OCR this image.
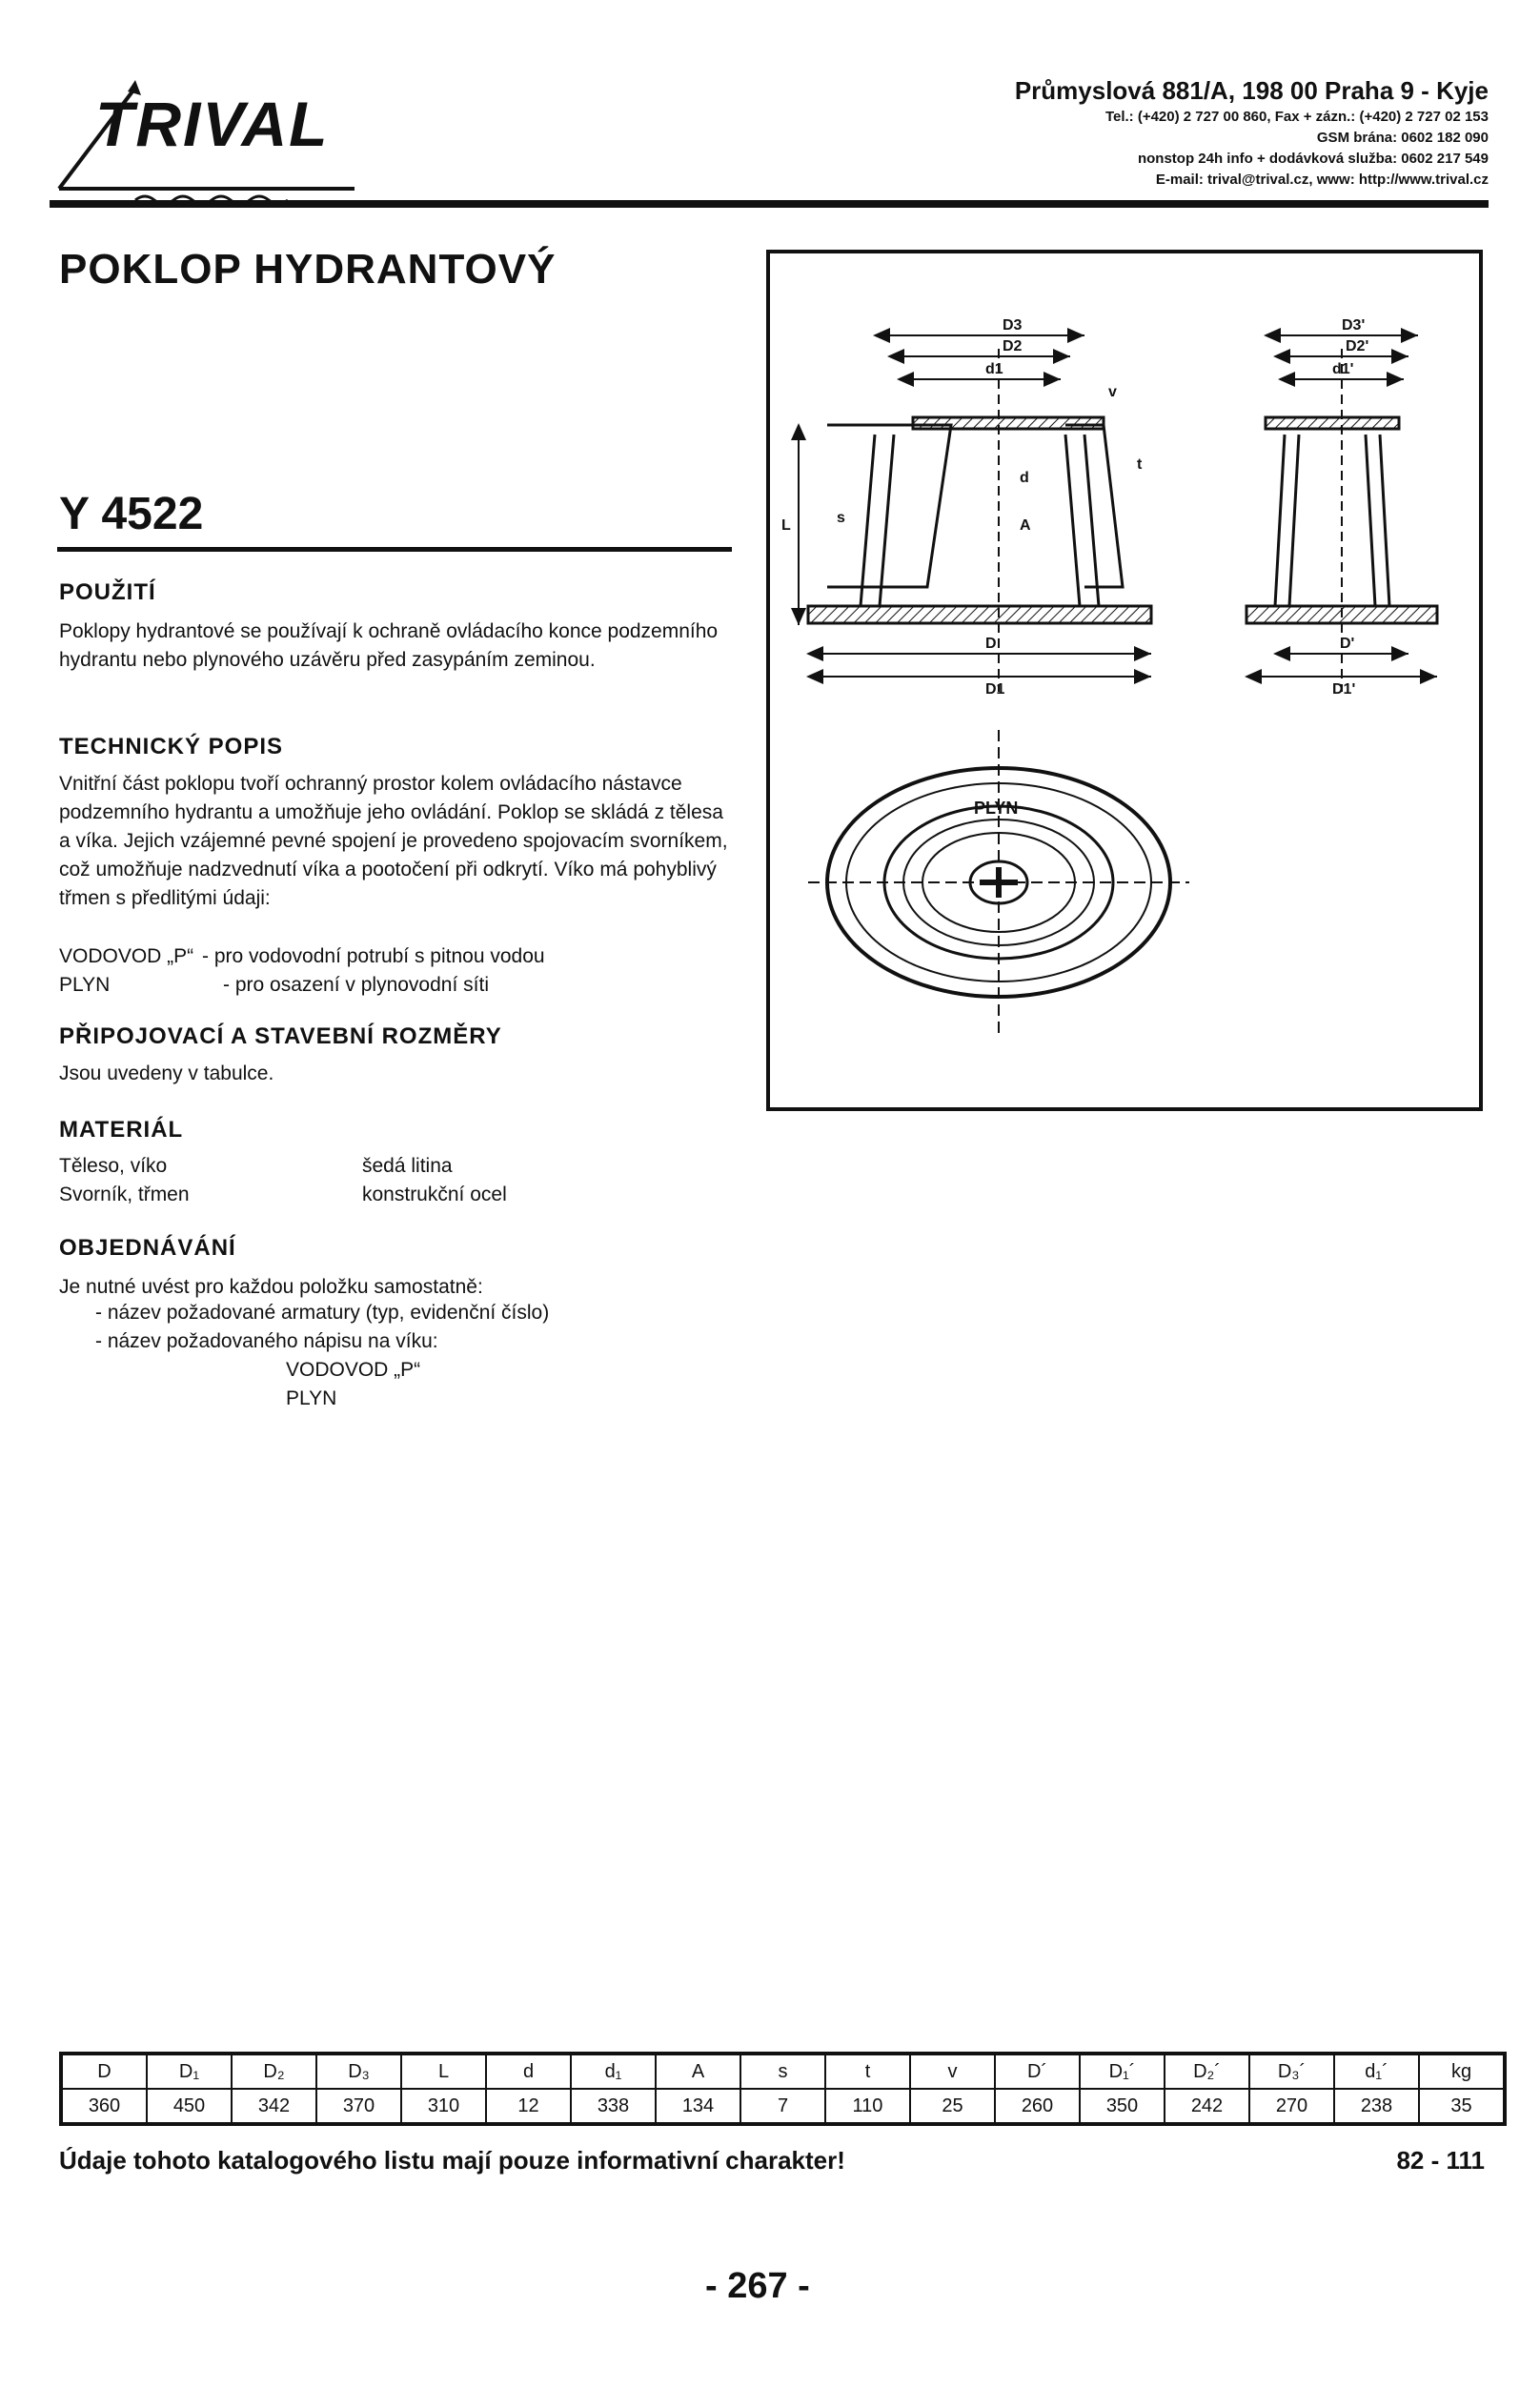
TRIVAL	Průmyslová 881/A, 198 00 Praha 9 - Kyje
Tel.: (+420) 2 727 00 860, Fax + zázn.: (+420) 2 727 02 153
GSM brána: 0602 182 090
nonstop 24h info + dodávková služba: 0602 217 549
E-mail: trival@trival.cz, www: http://www.trival.cz
POKLOP HYDRANTOVÝ
Y 4522
POUŽITÍ
Poklopy hydrantové se používají k ochraně ovládacího konce podzemního hydrantu nebo plynového uzávěru před zasypáním zeminou.
TECHNICKÝ POPIS
Vnitřní část poklopu tvoří ochranný prostor kolem ovládacího nástavce podzemního hydrantu a umožňuje jeho ovládání. Poklop se skládá z tělesa a víka. Jejich vzájemné pevné spojení je provedeno spojovacím svorníkem, což umožňuje nadzvednutí víka a pootočení při odkrytí. Víko má pohyblivý třmen s předlitými údaji:
VODOVOD „P“ - pro vodovodní potrubí s pitnou vodou
PLYN	- pro osazení v plynovodní síti
PŘIPOJOVACÍ A STAVEBNÍ ROZMĚRY
Jsou uvedeny v tabulce.
MATERIÁL
Těleso, víko	šedá litina
Svorník, třmen	konstrukční ocel
OBJEDNÁVÁNÍ
Je nutné uvést pro každou položku samostatně:
- název požadované armatury (typ, evidenční číslo)
- název požadovaného nápisu na víku:
VODOVOD „P“
PLYN
D3
D2
d1
D
D1
L	s
d
A
t
v
D3'
D2'
d1'
D'
D1'
PLYN
D	D₁	D₂	D₃	L	d	d₁	A	s	t	v	D´	D₁´	D₂´	D₃´	d₁´	kg
360	450	342	370	310	12	338	134	7	110	25	260	350	242	270	238	35
Údaje tohoto katalogového listu mají pouze informativní charakter!	82 - 111
- 267 -
